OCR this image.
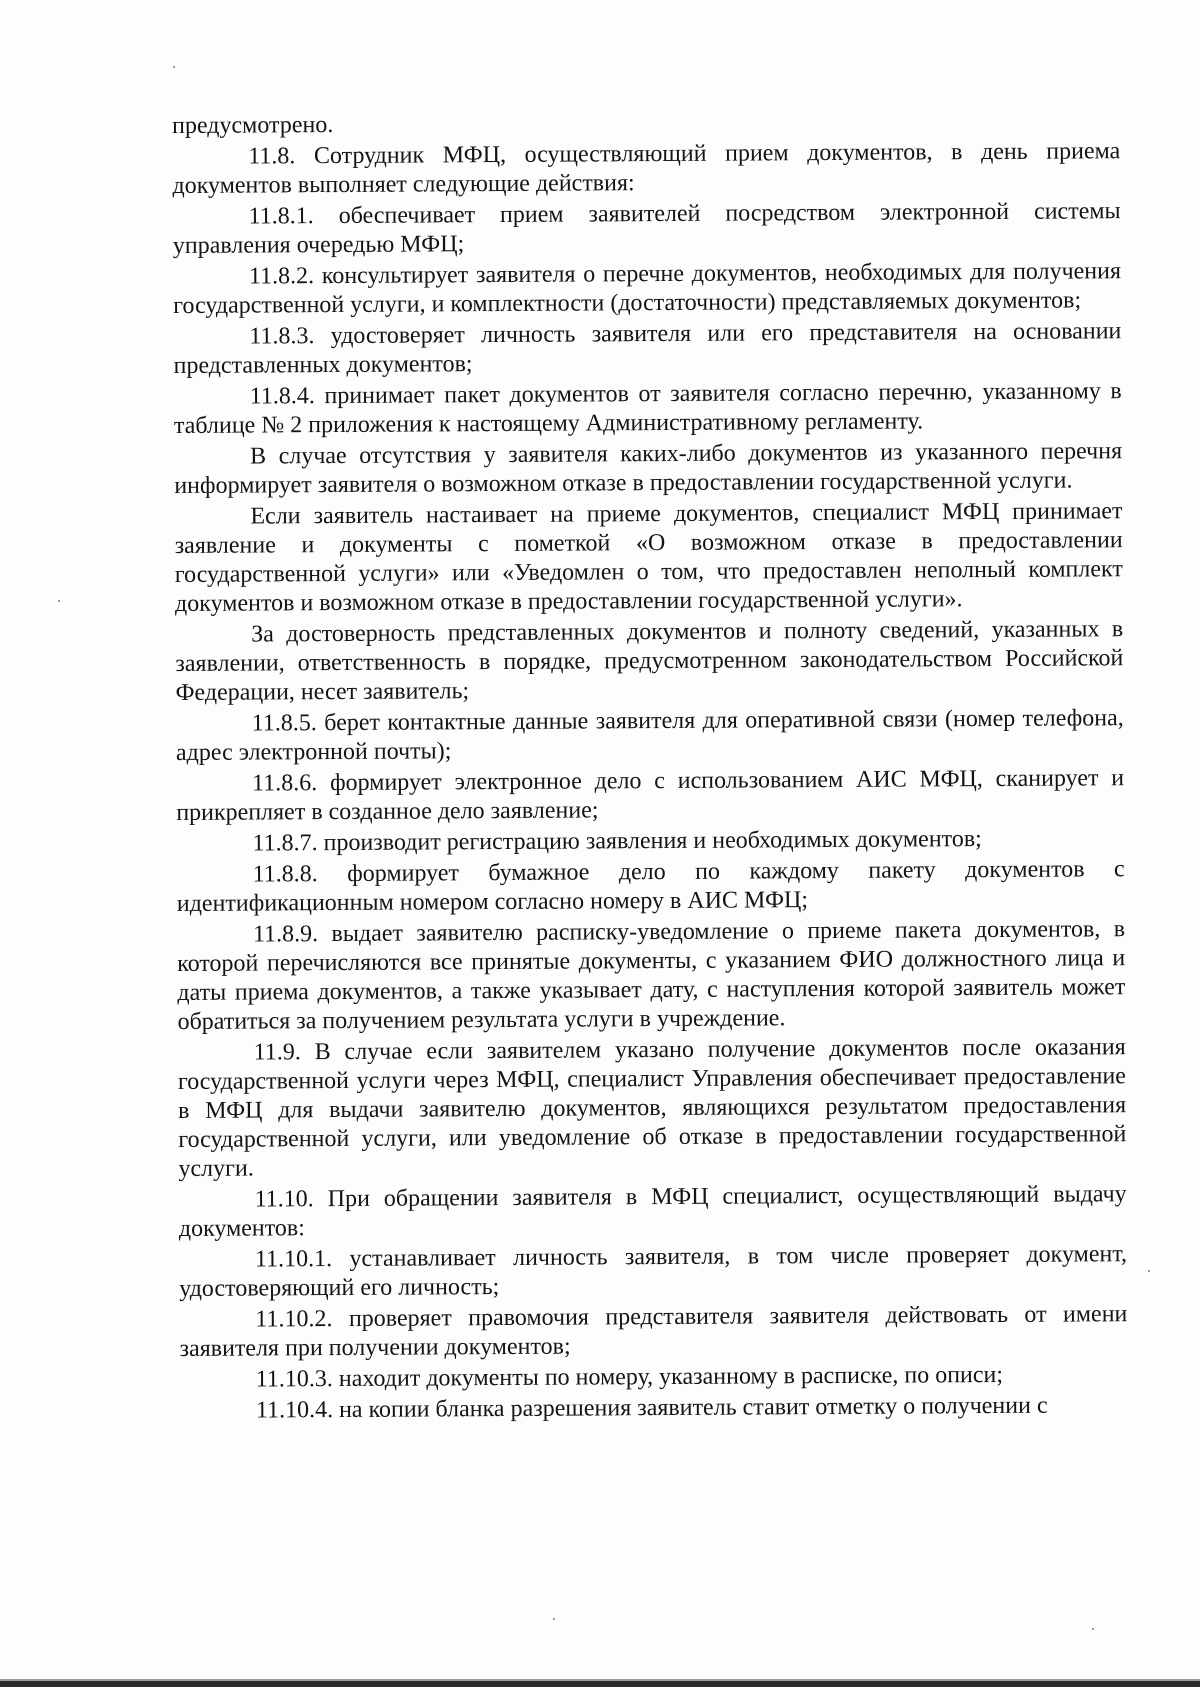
предусмотрено.

11.8. Сотрудник МФЦ, осуществляющий прием документов, в день приема документов выполняет следующие действия:

11.8.1. обеспечивает прием заявителей посредством электронной системы управления очередью МФЦ;

11.8.2. консультирует заявителя о перечне документов, необходимых для получения государственной услуги, и комплектности (достаточности) представляемых документов;

11.8.3. удостоверяет личность заявителя или его представителя на основании представленных документов;

11.8.4. принимает пакет документов от заявителя согласно перечню, указанному в таблице № 2 приложения к настоящему Административному регламенту.

В случае отсутствия у заявителя каких-либо документов из указанного перечня информирует заявителя о возможном отказе в предоставлении государственной услуги.

Если заявитель настаивает на приеме документов, специалист МФЦ принимает заявление и документы с пометкой «О возможном отказе в предоставлении государственной услуги» или «Уведомлен о том, что предоставлен неполный комплект документов и возможном отказе в предоставлении государственной услуги».

За достоверность представленных документов и полноту сведений, указанных в заявлении, ответственность в порядке, предусмотренном законодательством Российской Федерации, несет заявитель;

11.8.5. берет контактные данные заявителя для оперативной связи (номер телефона, адрес электронной почты);

11.8.6. формирует электронное дело с использованием АИС МФЦ, сканирует и прикрепляет в созданное дело заявление;

11.8.7. производит регистрацию заявления и необходимых документов;

11.8.8. формирует бумажное дело по каждому пакету документов с идентификационным номером согласно номеру в АИС МФЦ;

11.8.9. выдает заявителю расписку-уведомление о приеме пакета документов, в которой перечисляются все принятые документы, с указанием ФИО должностного лица и даты приема документов, а также указывает дату, с наступления которой заявитель может обратиться за получением результата услуги в учреждение.

11.9. В случае если заявителем указано получение документов после оказания государственной услуги через МФЦ, специалист Управления обеспечивает предоставление в МФЦ для выдачи заявителю документов, являющихся результатом предоставления государственной услуги, или уведомление об отказе в предоставлении государственной услуги.

11.10. При обращении заявителя в МФЦ специалист, осуществляющий выдачу документов:

11.10.1. устанавливает личность заявителя, в том числе проверяет документ, удостоверяющий его личность;

11.10.2. проверяет правомочия представителя заявителя действовать от имени заявителя при получении документов;

11.10.3. находит документы по номеру, указанному в расписке, по описи;

11.10.4. на копии бланка разрешения заявитель ставит отметку о получении с
